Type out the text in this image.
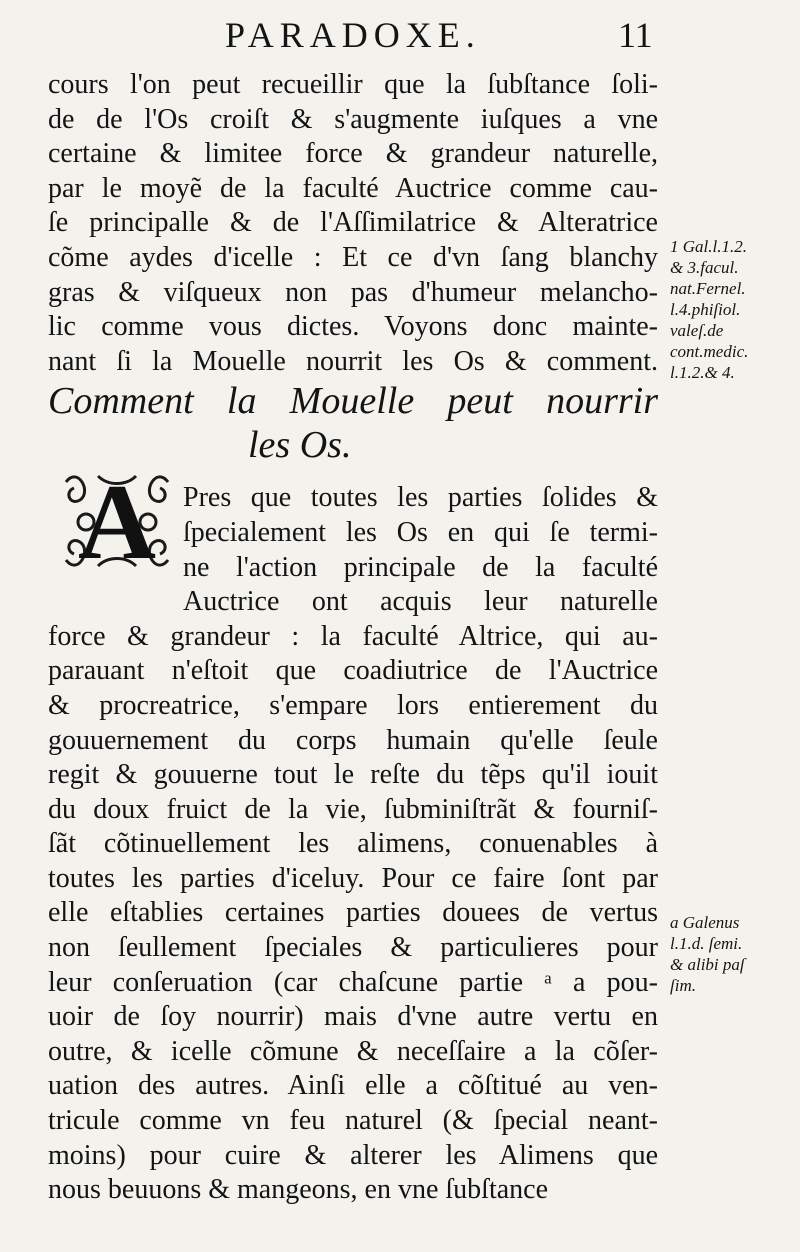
PARADOXE.	11
cours l'on peut recueillir que la ſubſtance ſoli-
de de l'Os croiſt & s'augmente iuſques a vne
certaine & limitee force & grandeur naturelle,
par le moyẽ de la faculté Auctrice comme cau-
ſe principalle & de l'Aſſimilatrice & Alteratrice
cõme aydes d'icelle : Et ce d'vn ſang blanchy
gras & viſqueux non pas d'humeur melancho-
lic comme vous dictes. Voyons donc mainte-
nant ſi la Mouelle nourrit les Os & comment.
Comment la Mouelle peut nourrir
les Os.
Pres que toutes les parties ſolides &
ſpecialement les Os en qui ſe termi-
ne l'action principale de la faculté
Auctrice ont acquis leur naturelle
force & grandeur : la faculté Altrice, qui au-
parauant n'eſtoit que coadiutrice de l'Auctrice
& procreatrice, s'empare lors entierement du
gouuernement du corps humain qu'elle ſeule
regit & gouuerne tout le reſte du tẽps qu'il iouit
du doux fruict de la vie, ſubminiſtrãt & fourniſ-
ſãt cõtinuellement les alimens, conuenables à
toutes les parties d'iceluy. Pour ce faire ſont par
elle eſtablies certaines parties douees de vertus
non ſeullement ſpeciales & particulieres pour
leur conſeruation (car chaſcune partie ᵃ a pou-
uoir de ſoy nourrir) mais d'vne autre vertu en
outre, & icelle cõmune & neceſſaire a la cõſer-
uation des autres. Ainſi elle a cõſtitué au ven-
tricule comme vn feu naturel (& ſpecial neant-
moins) pour cuire & alterer les Alimens que
nous beuuons & mangeons, en vne ſubſtance
A
1 Gal.l.1.2.
& 3.facul.
nat.Fernel.
l.4.phiſiol.
valeſ.de
cont.medic.
l.1.2.& 4.
a Galenus
l.1.d. ſemi.
& alibi paſ
ſim.
